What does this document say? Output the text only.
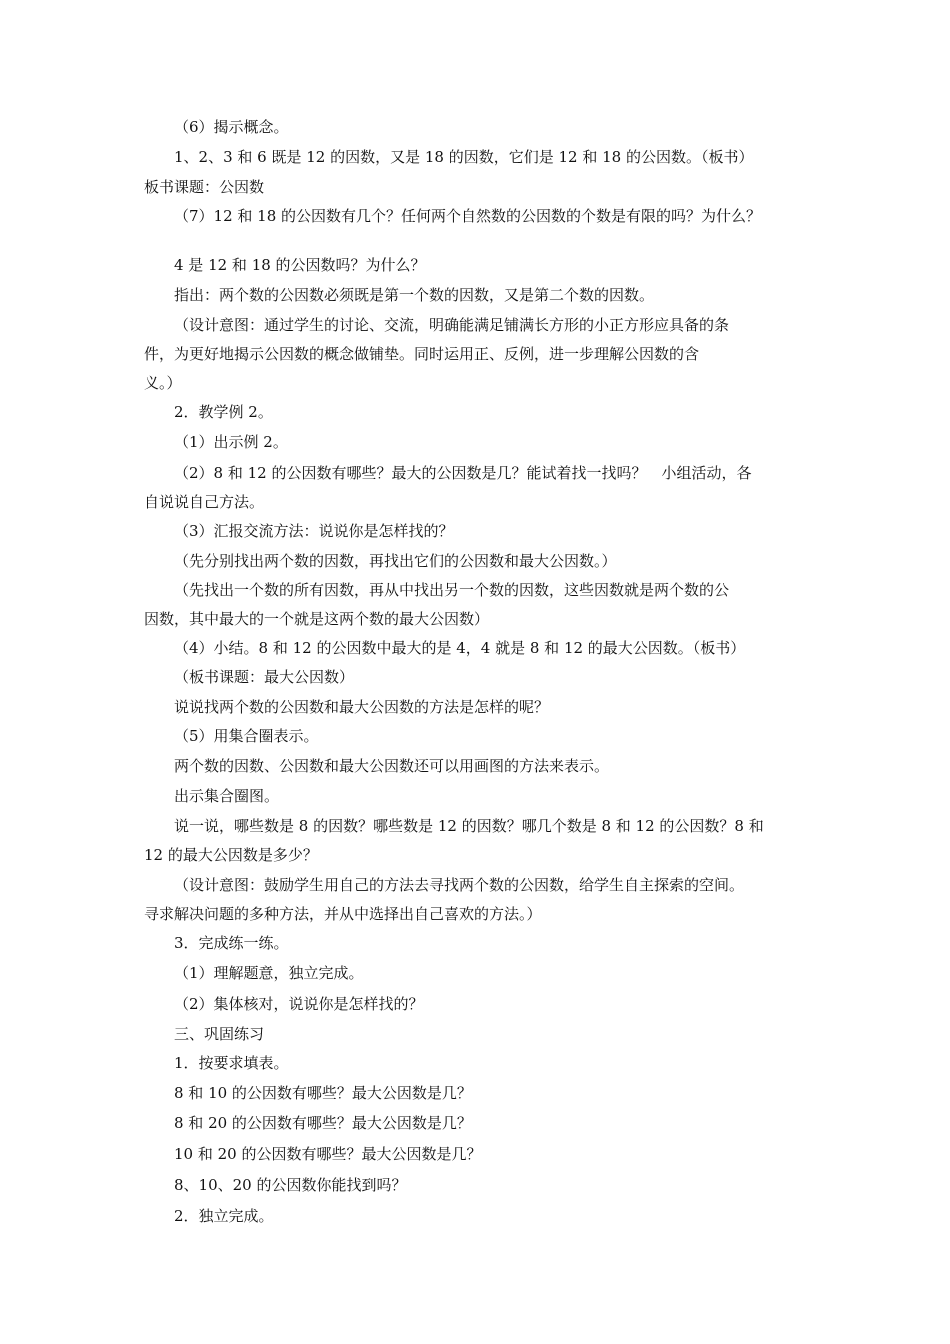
（6）揭示概念。
1、2、3 和 6 既是 12 的因数，又是 18 的因数，它们是 12 和 18 的公因数。（板书）
板书课题：公因数
（7）12 和 18 的公因数有几个？任何两个自然数的公因数的个数是有限的吗？为什么？
4 是 12 和 18 的公因数吗？为什么？
指出：两个数的公因数必须既是第一个数的因数，又是第二个数的因数。
（设计意图：通过学生的讨论、交流，明确能满足铺满长方形的小正方形应具备的条
件，为更好地揭示公因数的概念做铺垫。同时运用正、反例，进一步理解公因数的含
义。）
2．教学例 2。
（1）出示例 2。
（2）8 和 12 的公因数有哪些？最大的公因数是几？能试着找一找吗？　小组活动，各
自说说自己方法。
（3）汇报交流方法：说说你是怎样找的？
（先分别找出两个数的因数，再找出它们的公因数和最大公因数。）
（先找出一个数的所有因数，再从中找出另一个数的因数，这些因数就是两个数的公
因数，其中最大的一个就是这两个数的最大公因数）
（4）小结。8 和 12 的公因数中最大的是 4，4 就是 8 和 12 的最大公因数。（板书）
（板书课题：最大公因数）
说说找两个数的公因数和最大公因数的方法是怎样的呢？
（5）用集合圈表示。
两个数的因数、公因数和最大公因数还可以用画图的方法来表示。
出示集合圈图。
说一说，哪些数是 8 的因数？哪些数是 12 的因数？哪几个数是 8 和 12 的公因数？8 和
12 的最大公因数是多少？
（设计意图：鼓励学生用自己的方法去寻找两个数的公因数，给学生自主探索的空间。
寻求解决问题的多种方法，并从中选择出自己喜欢的方法。）
3．完成练一练。
（1）理解题意，独立完成。
（2）集体核对，说说你是怎样找的？
三、巩固练习
1．按要求填表。
8 和 10 的公因数有哪些？最大公因数是几？
8 和 20 的公因数有哪些？最大公因数是几？
10 和 20 的公因数有哪些？最大公因数是几？
8、10、20 的公因数你能找到吗？
2．独立完成。
